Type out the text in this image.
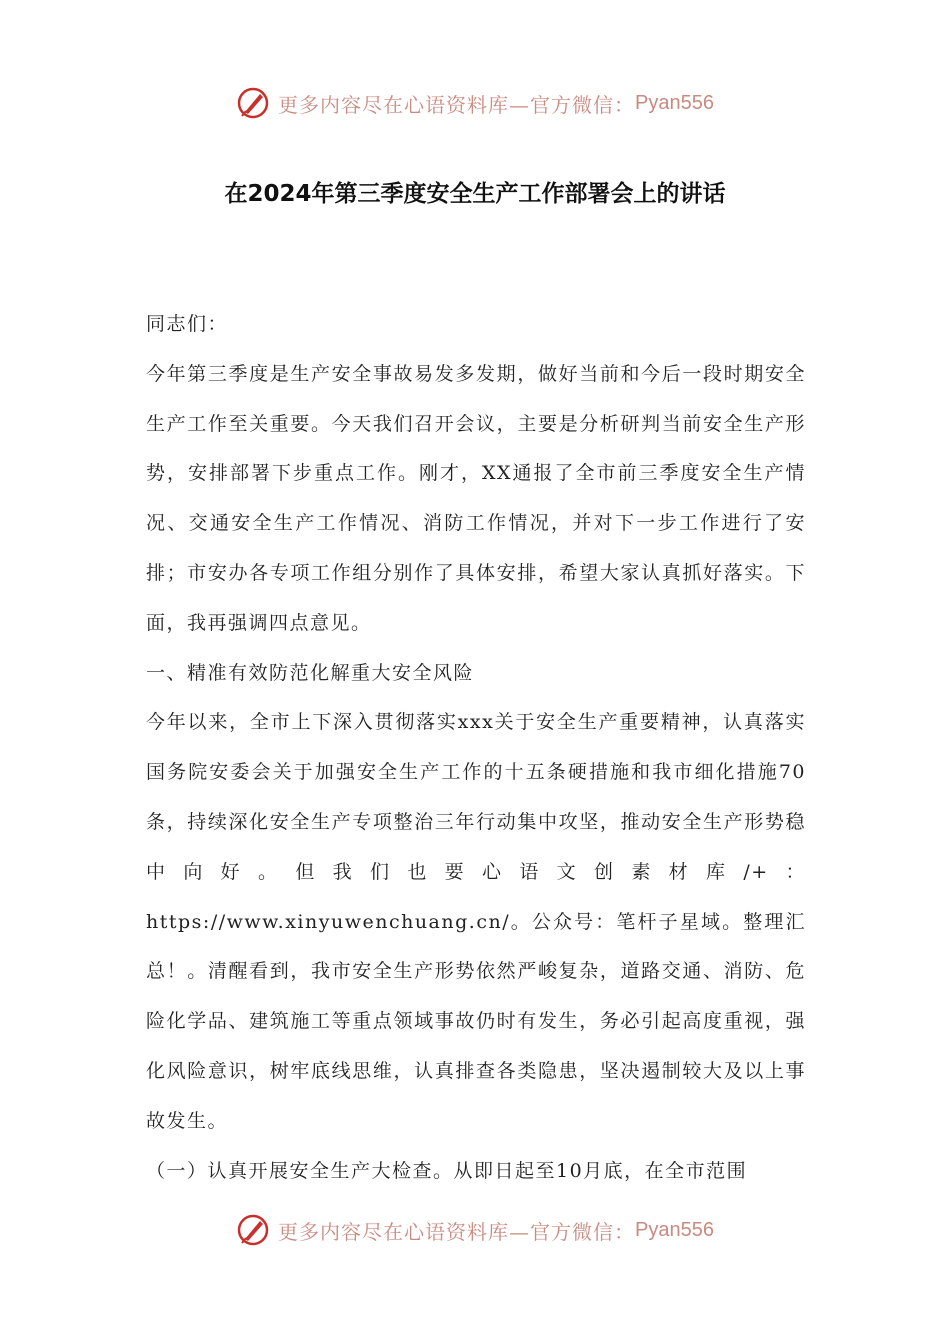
更多内容尽在心语资料库—官方微信： Pyan556
在2024年第三季度安全生产工作部署会上的讲话

同志们：

今年第三季度是生产安全事故易发多发期，做好当前和今后一段时期安全生产工作至关重要。今天我们召开会议，主要是分析研判当前安全生产形势，安排部署下步重点工作。刚才，XX通报了全市前三季度安全生产情况、交通安全生产工作情况、消防工作情况，并对下一步工作进行了安排；市安办各专项工作组分别作了具体安排，希望大家认真抓好落实。下面，我再强调四点意见。

一、精准有效防范化解重大安全风险

今年以来，全市上下深入贯彻落实xxx关于安全生产重要精神，认真落实国务院安委会关于加强安全生产工作的十五条硬措施和我市细化措施70条，持续深化安全生产专项整治三年行动集中攻坚，推动安全生产形势稳中向好。但我们也要心语文创素材库/+：https://www.xinyuwenchuang.cn/。公众号：笔杆子星域。整理汇总！。清醒看到，我市安全生产形势依然严峻复杂，道路交通、消防、危险化学品、建筑施工等重点领域事故仍时有发生，务必引起高度重视，强化风险意识，树牢底线思维，认真排查各类隐患，坚决遏制较大及以上事故发生。

（一）认真开展安全生产大检查。从即日起至10月底，在全市范围

更多内容尽在心语资料库—官方微信： Pyan556
